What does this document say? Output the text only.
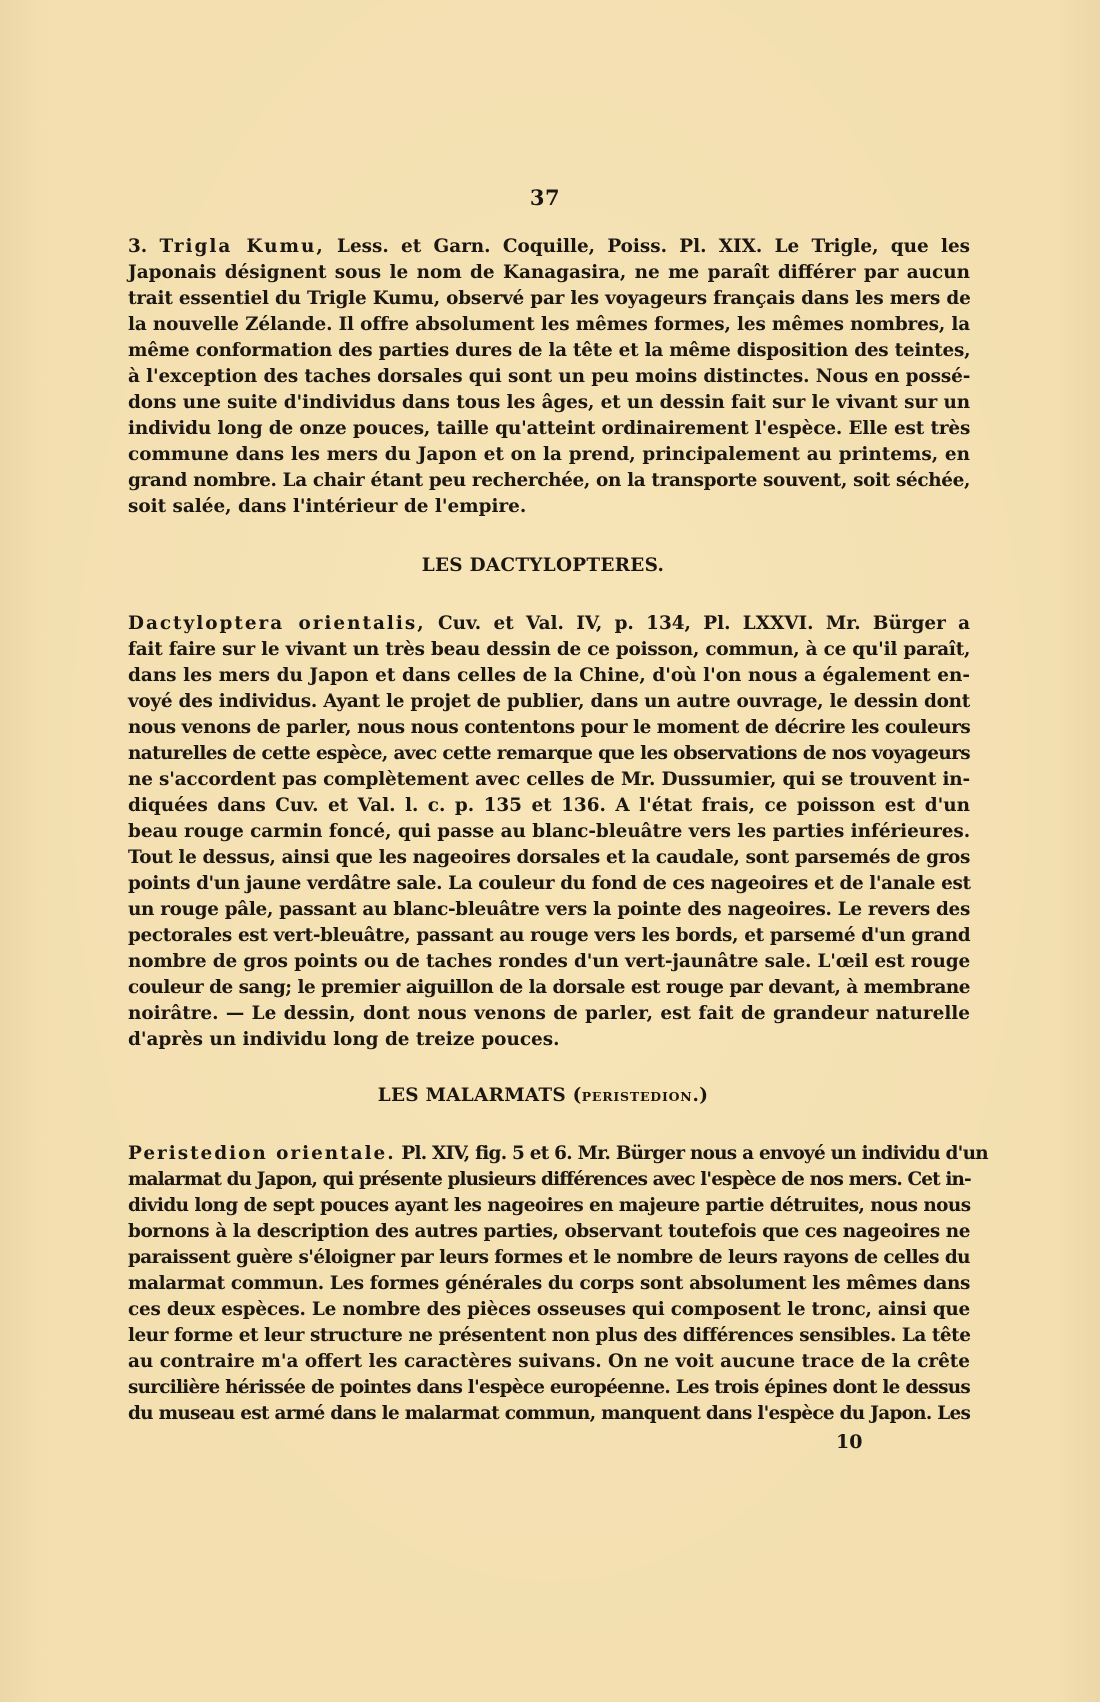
37
3. Trigla Kumu, Less. et Garn. Coquille, Poiss. Pl. XIX. Le Trigle, que les
Japonais désignent sous le nom de Kanagasira, ne me paraît différer par aucun
trait essentiel du Trigle Kumu, observé par les voyageurs français dans les mers de
la nouvelle Zélande. Il offre absolument les mêmes formes, les mêmes nombres, la
même conformation des parties dures de la tête et la même disposition des teintes,
à l'exception des taches dorsales qui sont un peu moins distinctes. Nous en possé-
dons une suite d'individus dans tous les âges, et un dessin fait sur le vivant sur un
individu long de onze pouces, taille qu'atteint ordinairement l'espèce. Elle est très
commune dans les mers du Japon et on la prend, principalement au printems, en
grand nombre. La chair étant peu recherchée, on la transporte souvent, soit séchée,
soit salée, dans l'intérieur de l'empire.
LES DACTYLOPTERES.
Dactyloptera orientalis, Cuv. et Val. IV, p. 134, Pl. LXXVI. Mr. Bürger a
fait faire sur le vivant un très beau dessin de ce poisson, commun, à ce qu'il paraît,
dans les mers du Japon et dans celles de la Chine, d'où l'on nous a également en-
voyé des individus. Ayant le projet de publier, dans un autre ouvrage, le dessin dont
nous venons de parler, nous nous contentons pour le moment de décrire les couleurs
naturelles de cette espèce, avec cette remarque que les observations de nos voyageurs
ne s'accordent pas complètement avec celles de Mr. Dussumier, qui se trouvent in-
diquées dans Cuv. et Val. l. c. p. 135 et 136. A l'état frais, ce poisson est d'un
beau rouge carmin foncé, qui passe au blanc-bleuâtre vers les parties inférieures.
Tout le dessus, ainsi que les nageoires dorsales et la caudale, sont parsemés de gros
points d'un jaune verdâtre sale. La couleur du fond de ces nageoires et de l'anale est
un rouge pâle, passant au blanc-bleuâtre vers la pointe des nageoires. Le revers des
pectorales est vert-bleuâtre, passant au rouge vers les bords, et parsemé d'un grand
nombre de gros points ou de taches rondes d'un vert-jaunâtre sale. L'œil est rouge
couleur de sang; le premier aiguillon de la dorsale est rouge par devant, à membrane
noirâtre. — Le dessin, dont nous venons de parler, est fait de grandeur naturelle
d'après un individu long de treize pouces.
LES MALARMATS (PERISTEDION.)
Peristedion orientale. Pl. XIV, fig. 5 et 6. Mr. Bürger nous a envoyé un individu d'un
malarmat du Japon, qui présente plusieurs différences avec l'espèce de nos mers. Cet in-
dividu long de sept pouces ayant les nageoires en majeure partie détruites, nous nous
bornons à la description des autres parties, observant toutefois que ces nageoires ne
paraissent guère s'éloigner par leurs formes et le nombre de leurs rayons de celles du
malarmat commun. Les formes générales du corps sont absolument les mêmes dans
ces deux espèces. Le nombre des pièces osseuses qui composent le tronc, ainsi que
leur forme et leur structure ne présentent non plus des différences sensibles. La tête
au contraire m'a offert les caractères suivans. On ne voit aucune trace de la crête
surcilière hérissée de pointes dans l'espèce européenne. Les trois épines dont le dessus
du museau est armé dans le malarmat commun, manquent dans l'espèce du Japon. Les
10
